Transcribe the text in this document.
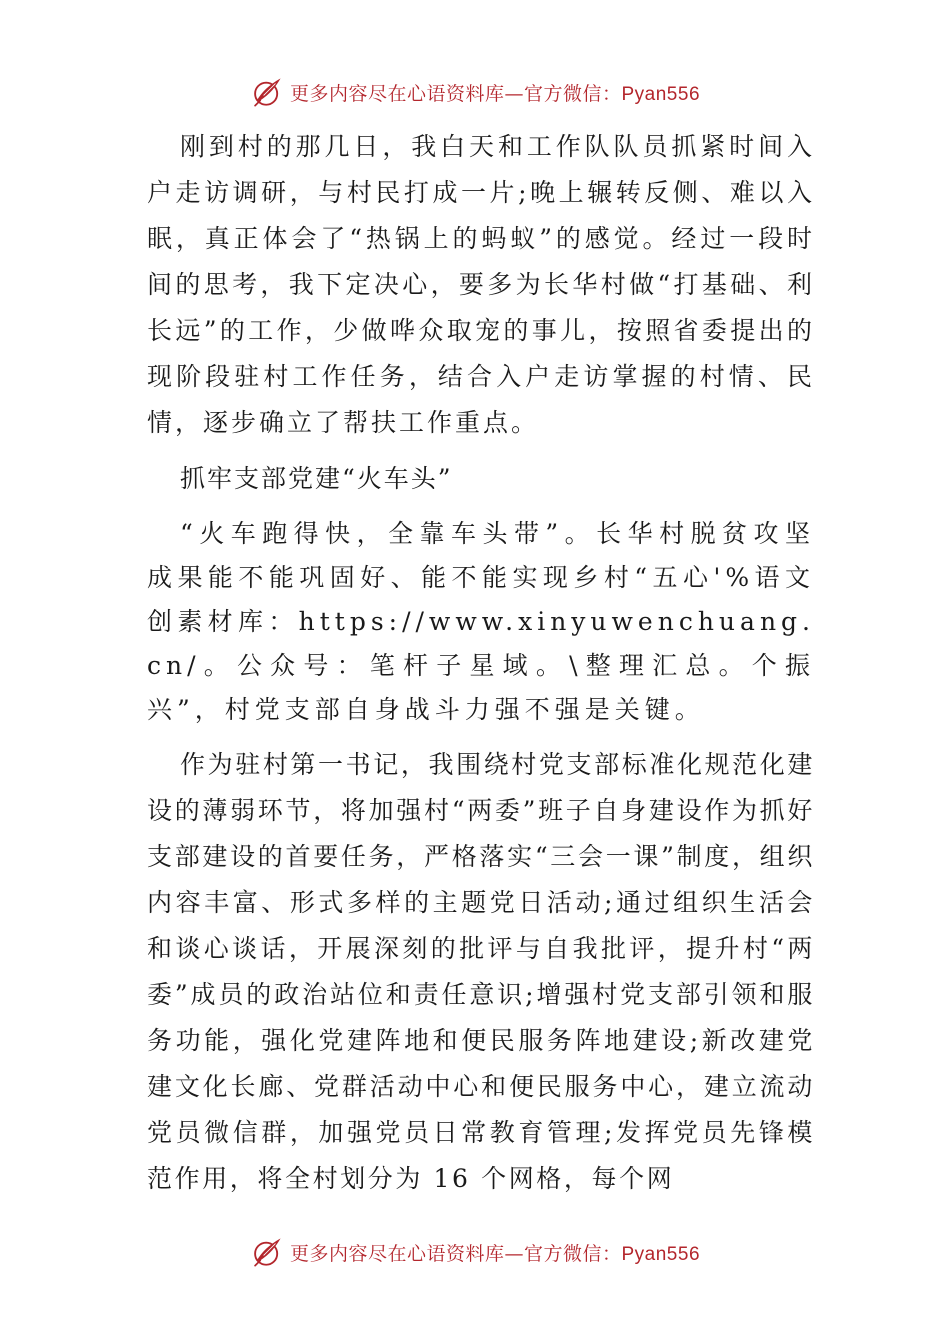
更多内容尽在心语资料库— 官方微信：Pyan556

刚到村的那几日，我白天和工作队队员抓紧时间入户走访调研，与村民打成一片;晚上辗转反侧、难以入眠，真正体会了“热锅上的蚂蚁”的感觉。经过一段时间的思考，我下定决心，要多为长华村做“打基础、利长远”的工作，少做哗众取宠的事儿，按照省委提出的现阶段驻村工作任务，结合入户走访掌握的村情、民情，逐步确立了帮扶工作重点。

抓牢支部党建“火车头”

“火车跑得快，全靠车头带”。长华村脱贫攻坚成果能不能巩固好、能不能实现乡村“五心'%语文创素材库：https://www.xinyuwenchuang.cn/。公众号：笔杆子星域。\整理汇总。个振兴”，村党支部自身战斗力强不强是关键。

作为驻村第一书记，我围绕村党支部标准化规范化建设的薄弱环节，将加强村“两委”班子自身建设作为抓好支部建设的首要任务，严格落实“三会一课”制度，组织内容丰富、形式多样的主题党日活动;通过组织生活会和谈心谈话，开展深刻的批评与自我批评，提升村“两委”成员的政治站位和责任意识;增强村党支部引领和服务功能，强化党建阵地和便民服务阵地建设;新改建党建文化长廊、党群活动中心和便民服务中心，建立流动党员微信群，加强党员日常教育管理;发挥党员先锋模范作用，将全村划分为 16 个网格，每个网

更多内容尽在心语资料库— 官方微信：Pyan556
